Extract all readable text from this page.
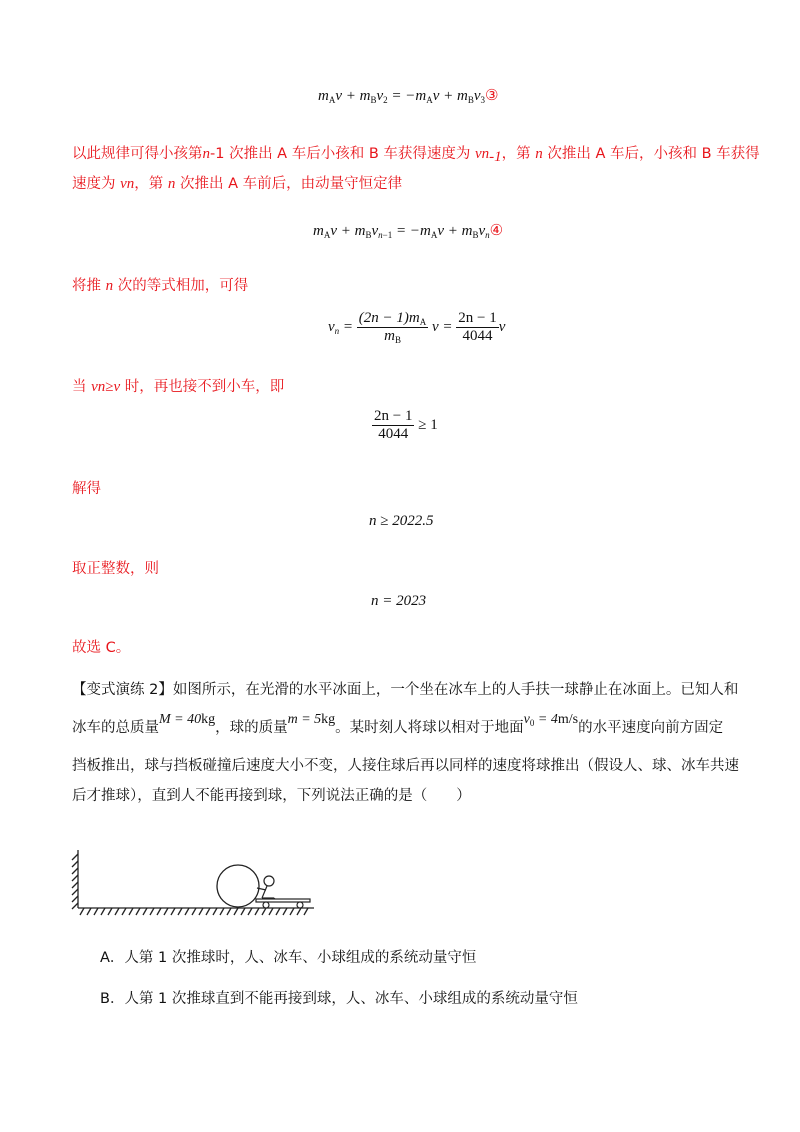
$m_Av + m_Bv_2 = -m_Av$ + $m_Bv_3③$
以此规律可得小孩第n-1 次推出 A 车后小孩和 B 车获得速度为 vn-1，第 n 次推出 A 车后，小孩和 B 车获得
速度为 vn，第 n 次推出 A 车前后，由动量守恒定律
$m_Av + m_Bv_{n-1} = -m_Av$ + $m_Bv_n④$
将推 n 次的等式相加，可得
$v_n = \frac{(2n - 1)m_A}{m_B}$ $v = \frac{2n - 1}{4044}$ v
当 vn≥v 时，再也接不到小车，即
$\frac{2n - 1}{4044} \ge 1$
解得
n ≥ 2022.5
取正整数，则
n = 2023
故选 C。
【变式演练 2】如图所示，在光滑的水平冰面上，一个坐在冰车上的人手扶一球静止在冰面上。已知人和
冰车的总质量M = 40kg，球的质量m = 5kg。某时刻人将球以相对于地面$v_0 = 4m/s$的水平速度向前方固定
挡板推出，球与挡板碰撞后速度大小不变，人接住球后再以同样的速度将球推出（假设人、球、冰车共速
后才推球），直到人不能再接到球，下列说法正确的是（　　）
A．人第 1 次推球时，人、冰车、小球组成的系统动量守恒
B．人第 1 次推球直到不能再接到球，人、冰车、小球组成的系统动量守恒
